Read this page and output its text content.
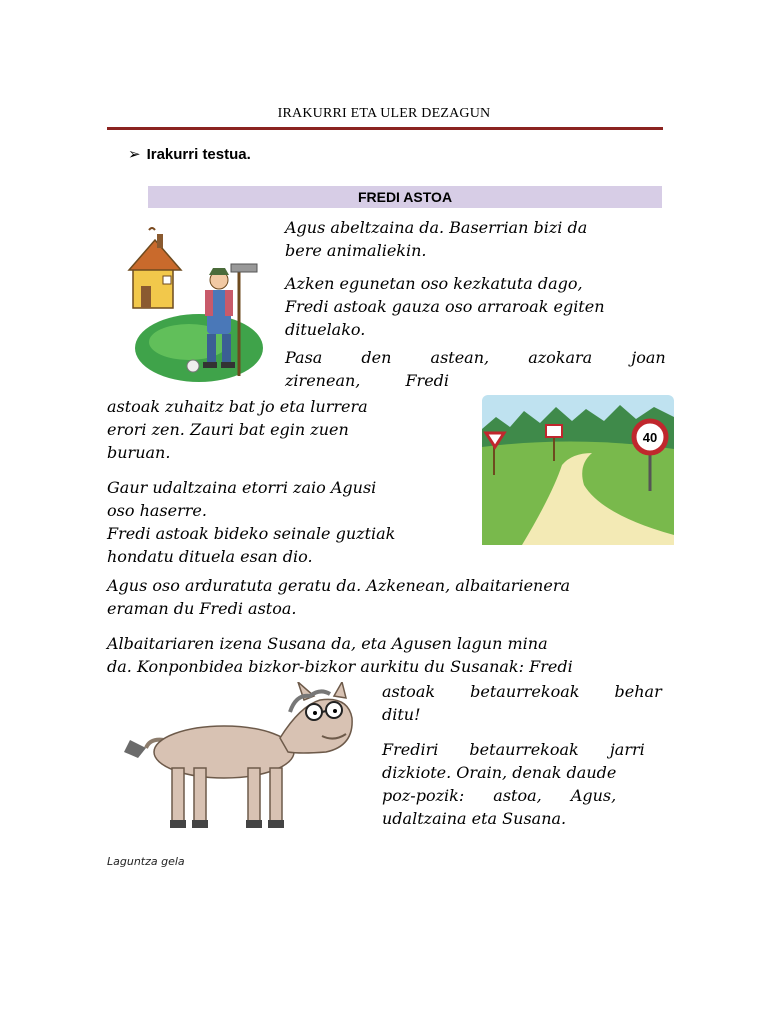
IRAKURRI ETA ULER DEZAGUN
➢ Irakurri testua.
FREDI ASTOA
Agus abeltzaina da. Baserrian bizi da
bere animaliekin.
Azken egunetan oso kezkatuta dago,
Fredi astoak gauza oso arraroak egiten
dituelako.
Pasa den astean, azokara joan
zirenean, Fredi
astoak zuhaitz bat jo eta lurrera
erori zen. Zauri bat egin zuen
buruan.
Gaur udaltzaina etorri zaio Agusi
oso haserre.
Fredi astoak bideko seinale guztiak
hondatu dituela esan dio.
Agus oso arduratuta geratu da. Azkenean, albaitarienera
eraman du Fredi astoa.
Albaitariaren izena Susana da, eta Agusen lagun mina
da. Konponbidea bizkor-bizkor aurkitu du Susanak: Fredi
astoak betaurrekoak behar
ditu!
Frediri betaurrekoak jarri
dizkiote. Orain, denak daude
poz-pozik: astoa, Agus,
udaltzaina eta Susana.
40
Laguntza gela
